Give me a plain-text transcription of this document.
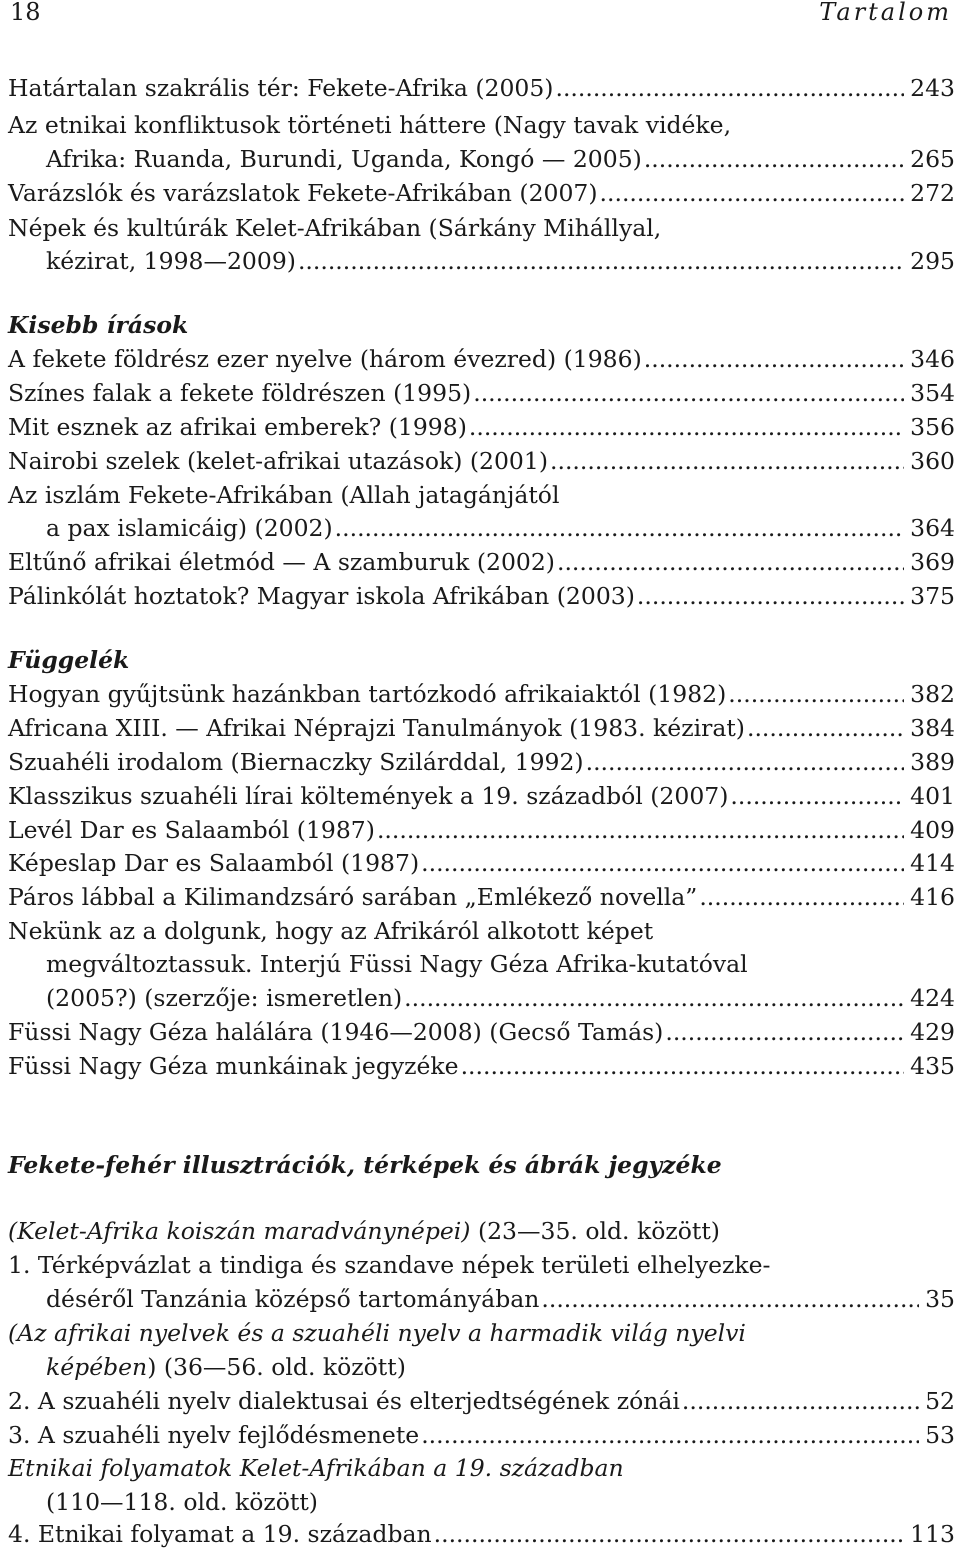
18	Tartalom
Határtalan szakrális tér: Fekete-Afrika (2005) .....	243
Az etnikai konfliktusok történeti háttere (Nagy tavak vidéke,
Afrika: Ruanda, Burundi, Uganda, Kongó — 2005) .....	265
Varázslók és varázslatok Fekete-Afrikában (2007) .....	272
Népek és kultúrák Kelet-Afrikában (Sárkány Mihállyal,
kézirat, 1998—2009) .....	295
Kisebb írások
A fekete földrész ezer nyelve (három évezred) (1986) .....	346
Színes falak a fekete földrészen (1995) .....	354
Mit esznek az afrikai emberek? (1998) .....	356
Nairobi szelek (kelet-afrikai utazások) (2001) .....	360
Az iszlám Fekete-Afrikában (Allah jatagánjától
a pax islamicáig) (2002) .....	364
Eltűnő afrikai életmód — A szamburuk (2002) .....	369
Pálinkólát hoztatok? Magyar iskola Afrikában (2003) .....	375
Függelék
Hogyan gyűjtsünk hazánkban tartózkodó afrikaiaktól (1982) .....	382
Africana XIII. — Afrikai Néprajzi Tanulmányok (1983. kézirat) .....	384
Szuahéli irodalom (Biernaczky Szilárddal, 1992) .....	389
Klasszikus szuahéli lírai költemények a 19. századból (2007) .....	401
Levél Dar es Salaamból (1987) .....	409
Képeslap Dar es Salaamból (1987) .....	414
Páros lábbal a Kilimandzsáró sarában „Emlékező novella” .....	416
Nekünk az a dolgunk, hogy az Afrikáról alkotott képet
megváltoztassuk. Interjú Füssi Nagy Géza Afrika-kutatóval
(2005?) (szerzője: ismeretlen) .....	424
Füssi Nagy Géza halálára (1946—2008) (Gecső Tamás) .....	429
Füssi Nagy Géza munkáinak jegyzéke .....	435
Fekete-fehér illusztrációk, térképek és ábrák jegyzéke
(Kelet-Afrika koiszán maradványnépei) (23—35. old. között)
1. Térképvázlat a tindiga és szandave népek területi elhelyezke-
déséről Tanzánia középső tartományában .....	35
(Az afrikai nyelvek és a szuahéli nyelv a harmadik világ nyelvi
képében) (36—56. old. között)
2. A szuahéli nyelv dialektusai és elterjedtségének zónái .....	52
3. A szuahéli nyelv fejlődésmenete .....	53
Etnikai folyamatok Kelet-Afrikában a 19. században
(110—118. old. között)
4. Etnikai folyamat a 19. században .....	113
